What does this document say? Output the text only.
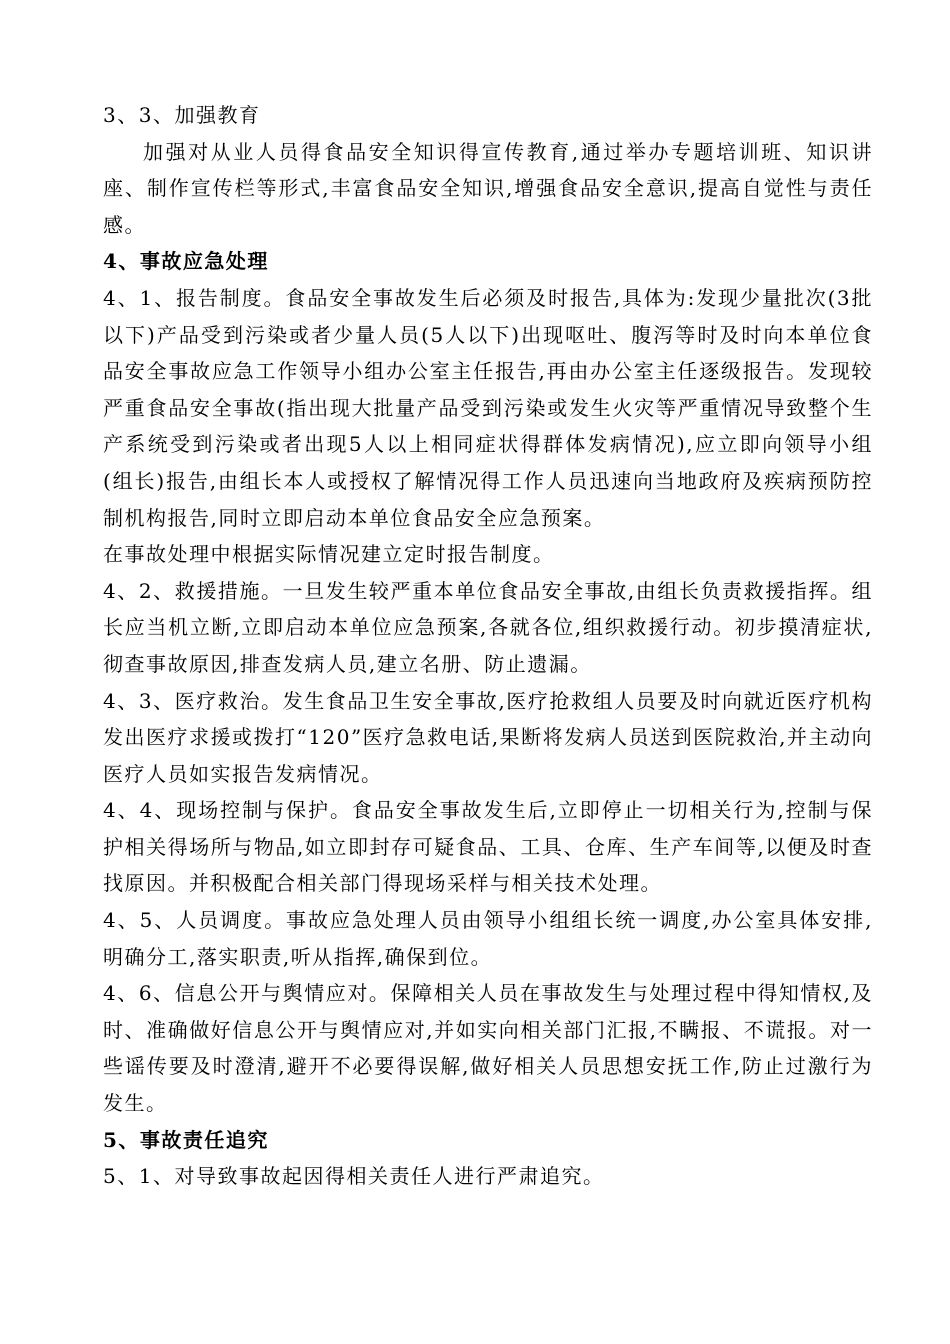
3、3、加强教育

加强对从业人员得食品安全知识得宣传教育,通过举办专题培训班、知识讲座、制作宣传栏等形式,丰富食品安全知识,增强食品安全意识,提高自觉性与责任感。

4、事故应急处理

4、1、报告制度。食品安全事故发生后必须及时报告,具体为:发现少量批次(3批以下)产品受到污染或者少量人员(5人以下)出现呕吐、腹泻等时及时向本单位食品安全事故应急工作领导小组办公室主任报告,再由办公室主任逐级报告。发现较严重食品安全事故(指出现大批量产品受到污染或发生火灾等严重情况导致整个生产系统受到污染或者出现5人以上相同症状得群体发病情况),应立即向领导小组(组长)报告,由组长本人或授权了解情况得工作人员迅速向当地政府及疾病预防控制机构报告,同时立即启动本单位食品安全应急预案。

在事故处理中根据实际情况建立定时报告制度。

4、2、救援措施。一旦发生较严重本单位食品安全事故,由组长负责救援指挥。组长应当机立断,立即启动本单位应急预案,各就各位,组织救援行动。初步摸清症状,彻查事故原因,排查发病人员,建立名册、防止遗漏。

4、3、医疗救治。发生食品卫生安全事故,医疗抢救组人员要及时向就近医疗机构发出医疗求援或拨打“120”医疗急救电话,果断将发病人员送到医院救治,并主动向医疗人员如实报告发病情况。

4、4、现场控制与保护。食品安全事故发生后,立即停止一切相关行为,控制与保护相关得场所与物品,如立即封存可疑食品、工具、仓库、生产车间等,以便及时查找原因。并积极配合相关部门得现场采样与相关技术处理。

4、5、人员调度。事故应急处理人员由领导小组组长统一调度,办公室具体安排,明确分工,落实职责,听从指挥,确保到位。

4、6、信息公开与舆情应对。保障相关人员在事故发生与处理过程中得知情权,及时、准确做好信息公开与舆情应对,并如实向相关部门汇报,不瞒报、不谎报。对一些谣传要及时澄清,避开不必要得误解,做好相关人员思想安抚工作,防止过激行为发生。

5、事故责任追究

5、1、对导致事故起因得相关责任人进行严肃追究。
